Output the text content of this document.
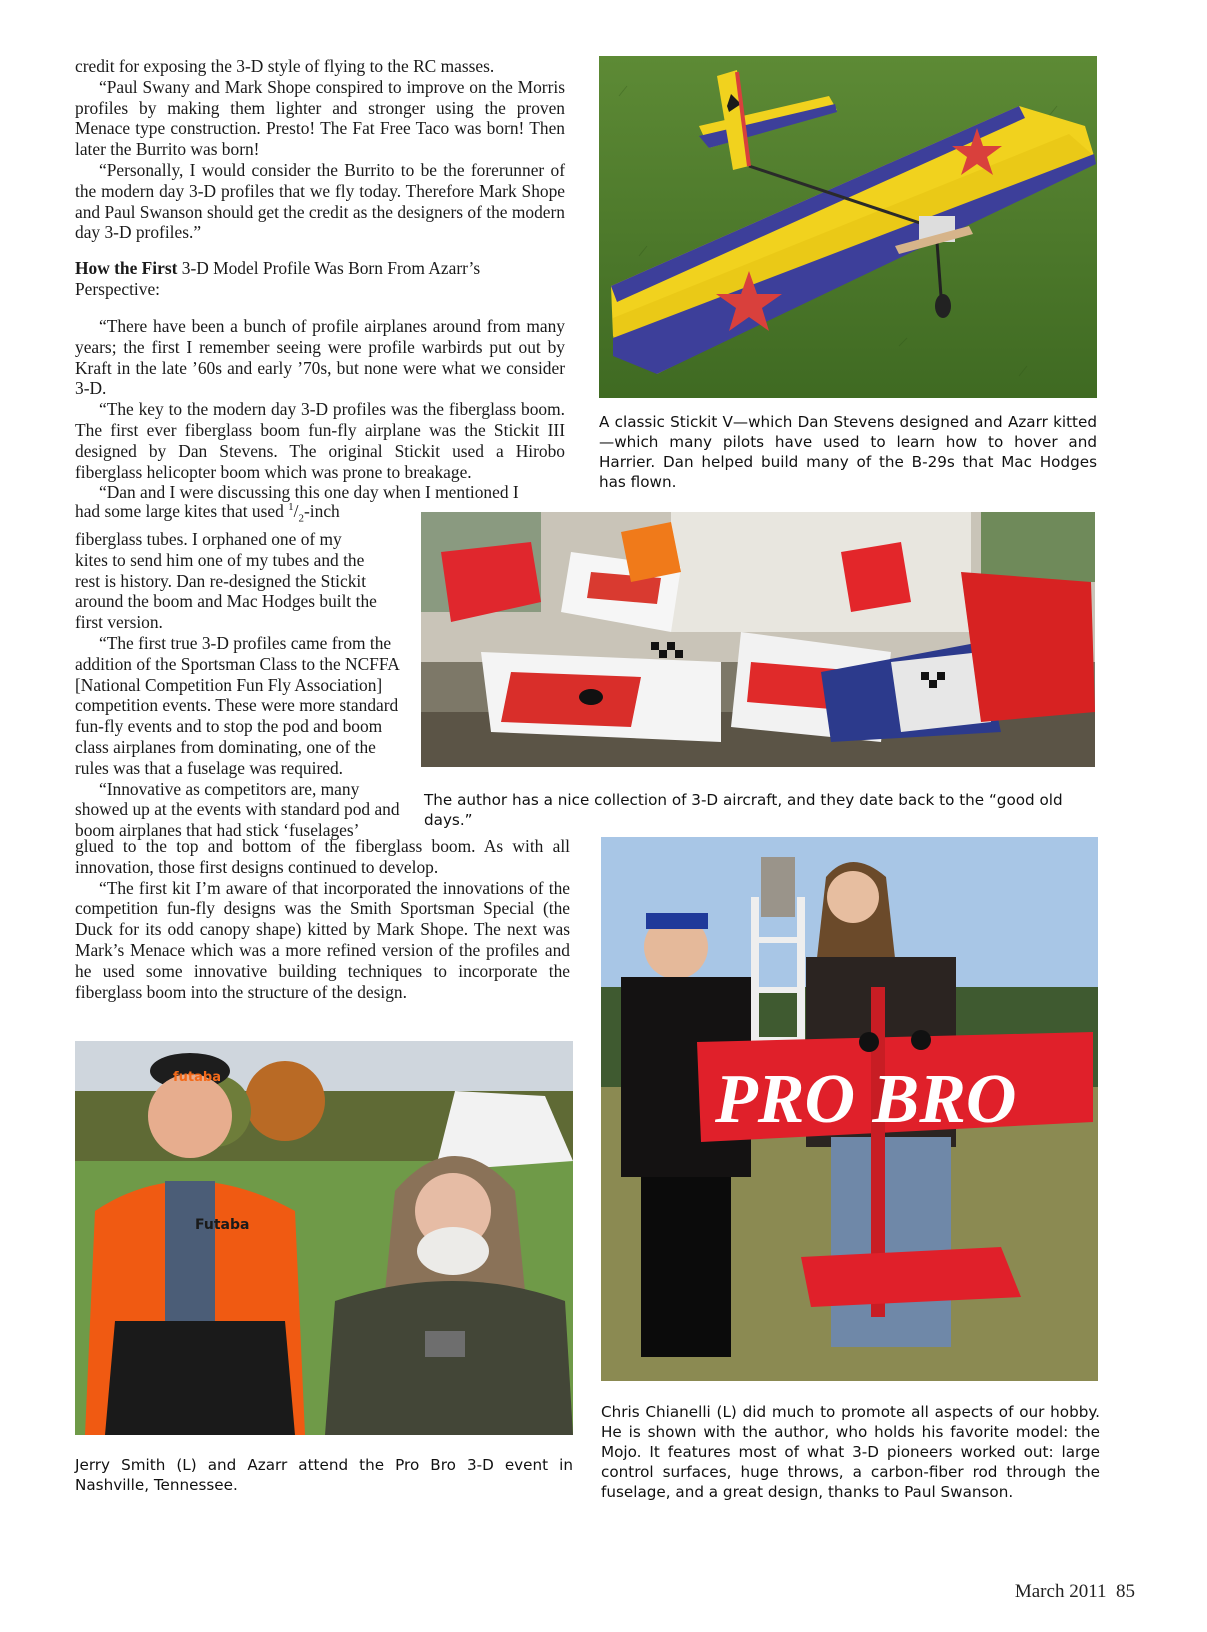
credit for exposing the 3-D style of flying to the RC masses.

“Paul Swany and Mark Shope conspired to improve on the Morris profiles by making them lighter and stronger using the proven Menace type construction. Presto! The Fat Free Taco was born! Then later the Burrito was born!

“Personally, I would consider the Burrito to be the forerunner of the modern day 3-D profiles that we fly today. Therefore Mark Shope and Paul Swanson should get the credit as the designers of the modern day 3-D profiles.”

How the First 3-D Model Profile Was Born From Azarr’s Perspective:

“There have been a bunch of profile airplanes around from many years; the first I remember seeing were profile warbirds put out by Kraft in the late ’60s and early ’70s, but none were what we consider 3-D.

“The key to the modern day 3-D profiles was the fiberglass boom. The first ever fiberglass boom fun-fly airplane was the Stickit III designed by Dan Stevens. The original Stickit used a Hirobo fiberglass helicopter boom which was prone to breakage.

“Dan and I were discussing this one day when I mentioned I

had some large kites that used $^1/_2$-inch
fiberglass tubes. I orphaned one of my
kites to send him one of my tubes and the
rest is history. Dan re-designed the Stickit
around the boom and Mac Hodges built the
first version.

“The first true 3-D profiles came from the addition of the Sportsman Class to the NCFFA [National Competition Fun Fly Association] competition events. These were more standard fun-fly events and to stop the pod and boom class airplanes from dominating, one of the rules was that a fuselage was required.

“Innovative as competitors are, many showed up at the events with standard pod and boom airplanes that had stick ‘fuselages’

glued to the top and bottom of the fiberglass boom. As with all innovation, those first designs continued to develop.

“The first kit I’m aware of that incorporated the innovations of the competition fun-fly designs was the Smith Sportsman Special (the Duck for its odd canopy shape) kitted by Mark Shope. The next was Mark’s Menace which was a more refined version of the profiles and he used some innovative building techniques to incorporate the fiberglass boom into the structure of the design.

A classic Stickit V—which Dan Stevens designed and Azarr kitted—which many pilots have used to learn how to hover and Harrier. Dan helped build many of the B-29s that Mac Hodges has flown.
The author has a nice collection of 3-D aircraft, and they date back to the “good old days.”
PRO BRO
Chris Chianelli (L) did much to promote all aspects of our hobby. He is shown with the author, who holds his favorite model: the Mojo. It features most of what 3-D pioneers worked out: large control surfaces, huge throws, a carbon-fiber rod through the fuselage, and a great design, thanks to Paul Swanson.
futaba
Futaba
Jerry Smith (L) and Azarr attend the Pro Bro 3-D event in Nashville, Tennessee.
March 2011 85
